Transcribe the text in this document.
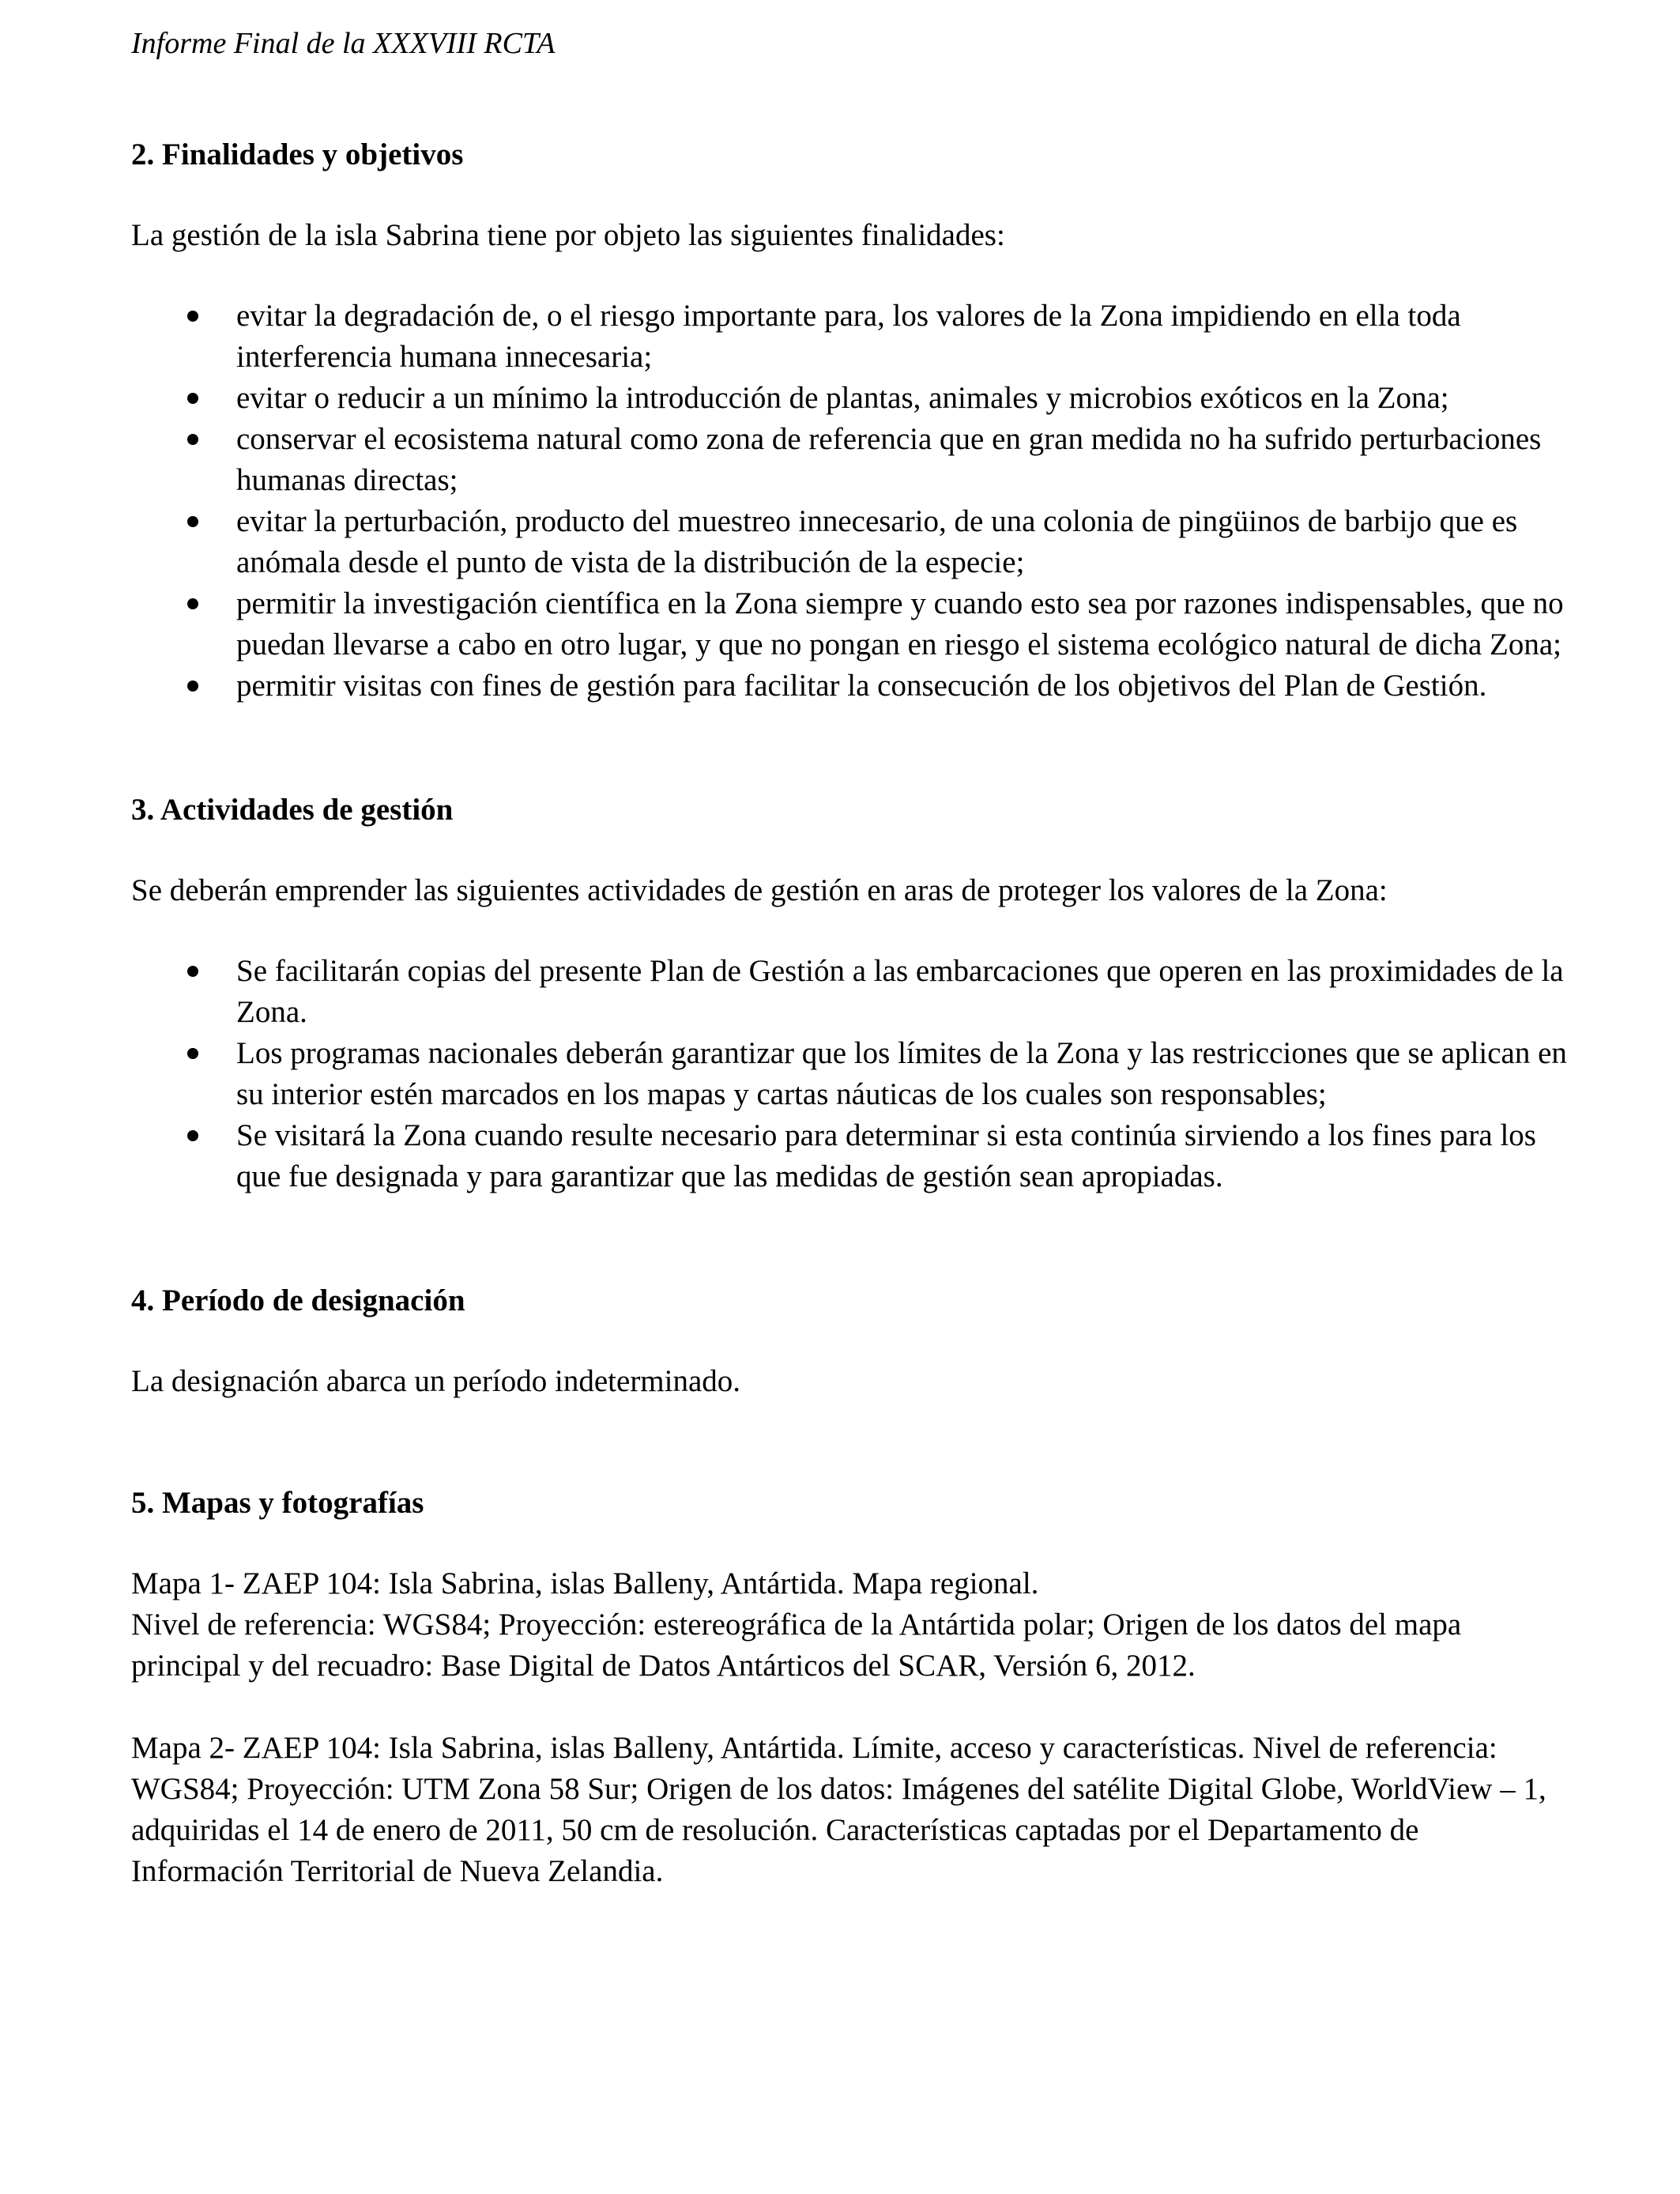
Informe Final de la XXXVIII RCTA
2. Finalidades y objetivos

La gestión de la isla Sabrina tiene por objeto las siguientes finalidades:

evitar la degradación de, o el riesgo importante para, los valores de la Zona impidiendo en ella toda interferencia humana innecesaria;
evitar o reducir a un mínimo la introducción de plantas, animales y microbios exóticos en la Zona;
conservar el ecosistema natural como zona de referencia que en gran medida no ha sufrido perturbaciones humanas directas;
evitar la perturbación, producto del muestreo innecesario, de una colonia de pingüinos de barbijo que es anómala desde el punto de vista de la distribución de la especie;
permitir la investigación científica en la Zona siempre y cuando esto sea por razones indispensables, que no puedan llevarse a cabo en otro lugar, y que no pongan en riesgo el sistema ecológico natural de dicha Zona;
permitir visitas con fines de gestión para facilitar la consecución de los objetivos del Plan de Gestión.
3. Actividades de gestión

Se deberán emprender las siguientes actividades de gestión en aras de proteger los valores de la Zona:

Se facilitarán copias del presente Plan de Gestión a las embarcaciones que operen en las proximidades de la Zona.
Los programas nacionales deberán garantizar que los límites de la Zona y las restricciones que se aplican en su interior estén marcados en los mapas y cartas náuticas de los cuales son responsables;
Se visitará la Zona cuando resulte necesario para determinar si esta continúa sirviendo a los fines para los que fue designada y para garantizar que las medidas de gestión sean apropiadas.
4. Período de designación

La designación abarca un período indeterminado.

5. Mapas y fotografías

Mapa 1- ZAEP 104: Isla Sabrina, islas Balleny, Antártida. Mapa regional.

Nivel de referencia: WGS84; Proyección: estereográfica de la Antártida polar; Origen de los datos del mapa principal y del recuadro: Base Digital de Datos Antárticos del SCAR, Versión 6, 2012.

Mapa 2- ZAEP 104: Isla Sabrina, islas Balleny, Antártida. Límite, acceso y características. Nivel de referencia: WGS84; Proyección: UTM Zona 58 Sur; Origen de los datos: Imágenes del satélite Digital Globe, WorldView – 1, adquiridas el 14 de enero de 2011, 50 cm de resolución. Características captadas por el Departamento de Información Territorial de Nueva Zelandia.
